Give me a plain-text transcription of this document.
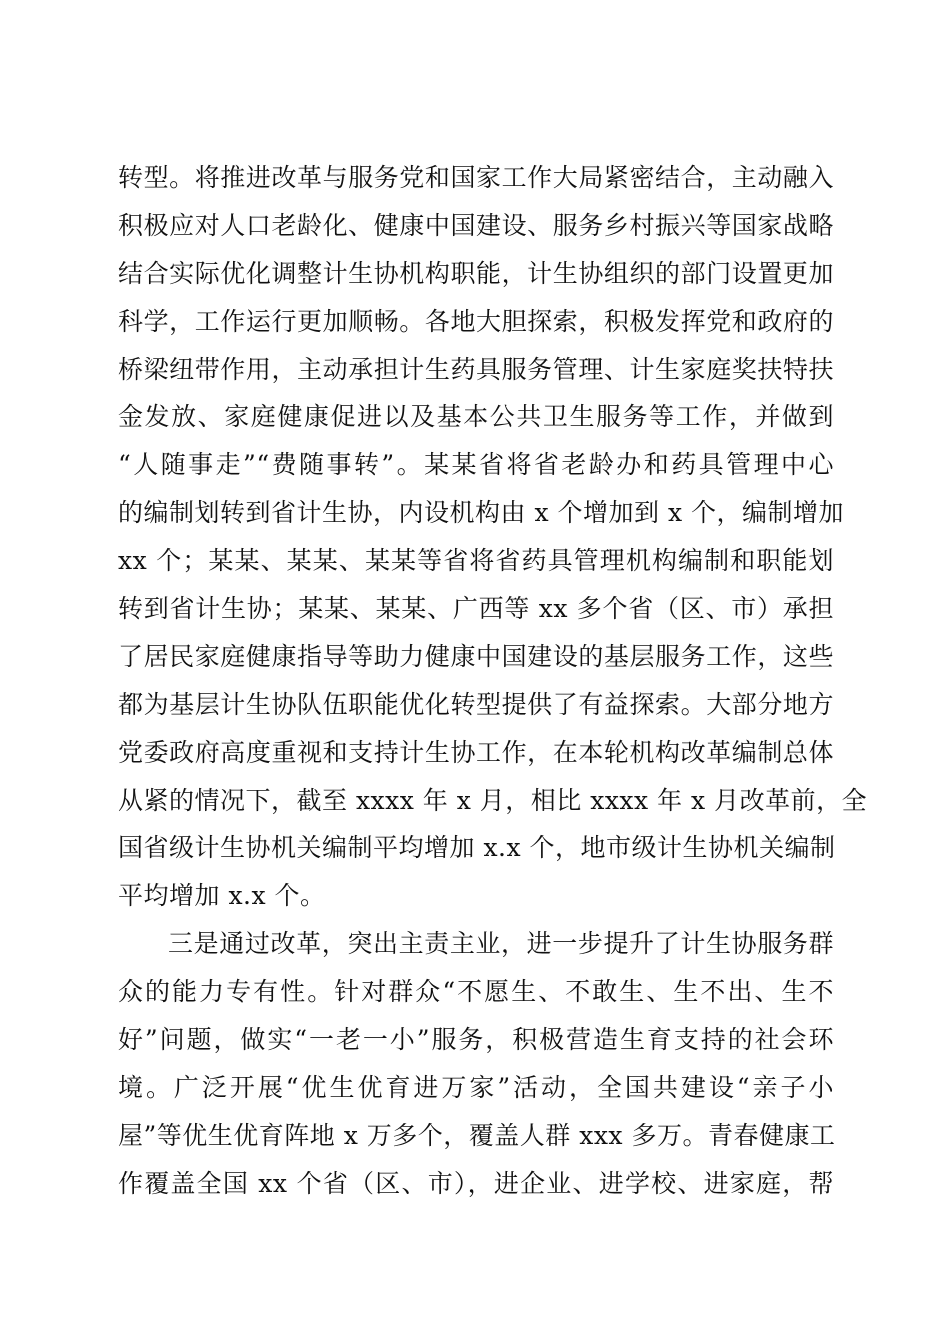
转型。将推进改革与服务党和国家工作大局紧密结合，主动融入
积极应对人口老龄化、健康中国建设、服务乡村振兴等国家战略
结合实际优化调整计生协机构职能，计生协组织的部门设置更加
科学，工作运行更加顺畅。各地大胆探索，积极发挥党和政府的
桥梁纽带作用，主动承担计生药具服务管理、计生家庭奖扶特扶
金发放、家庭健康促进以及基本公共卫生服务等工作，并做到
“人随事走”“费随事转”。某某省将省老龄办和药具管理中心
的编制划转到省计生协，内设机构由 x 个增加到 x 个，编制增加
xx 个；某某、某某、某某等省将省药具管理机构编制和职能划
转到省计生协；某某、某某、广西等 xx 多个省（区、市）承担
了居民家庭健康指导等助力健康中国建设的基层服务工作，这些
都为基层计生协队伍职能优化转型提供了有益探索。大部分地方
党委政府高度重视和支持计生协工作，在本轮机构改革编制总体
从紧的情况下，截至 xxxx 年 x 月，相比 xxxx 年 x 月改革前，全
国省级计生协机关编制平均增加 x.x 个，地市级计生协机关编制
平均增加 x.x 个。
三是通过改革，突出主责主业，进一步提升了计生协服务群
众的能力专有性。针对群众“不愿生、不敢生、生不出、生不
好”问题，做实“一老一小”服务，积极营造生育支持的社会环
境。广泛开展“优生优育进万家”活动，全国共建设“亲子小
屋”等优生优育阵地 x 万多个，覆盖人群 xxx 多万。青春健康工
作覆盖全国 xx 个省（区、市），进企业、进学校、进家庭，帮
